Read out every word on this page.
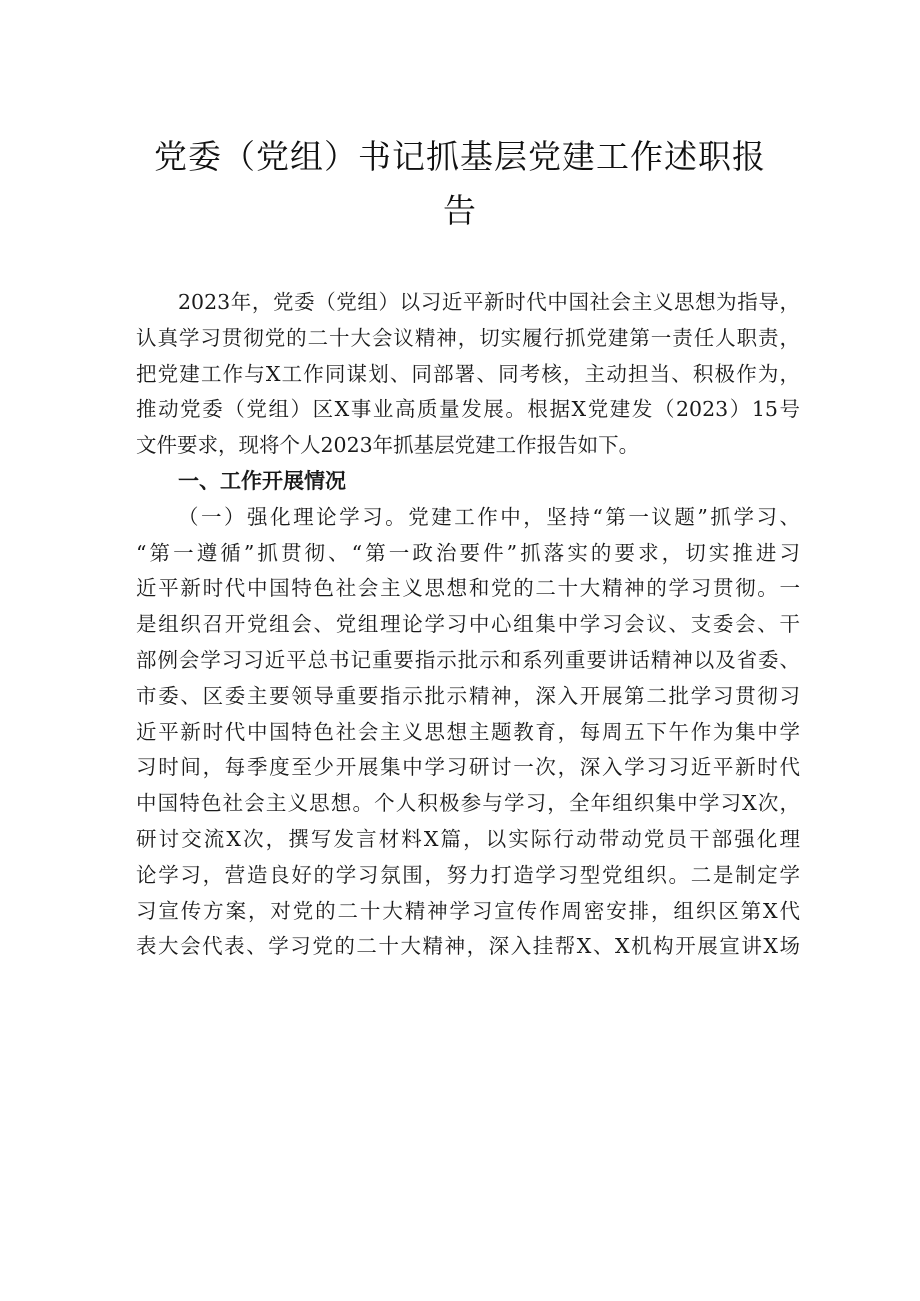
党委（党组）书记抓基层党建工作述职报
告
2023年，党委（党组）以习近平新时代中国社会主义思想为指导，
认真学习贯彻党的二十大会议精神，切实履行抓党建第一责任人职责，
把党建工作与X工作同谋划、同部署、同考核，主动担当、积极作为，
推动党委（党组）区X事业高质量发展。根据X党建发（2023）15号
文件要求，现将个人2023年抓基层党建工作报告如下。
一、工作开展情况
（一）强化理论学习。党建工作中，坚持“第一议题”抓学习、
“第一遵循”抓贯彻、“第一政治要件”抓落实的要求，切实推进习
近平新时代中国特色社会主义思想和党的二十大精神的学习贯彻。一
是组织召开党组会、党组理论学习中心组集中学习会议、支委会、干
部例会学习习近平总书记重要指示批示和系列重要讲话精神以及省委、
市委、区委主要领导重要指示批示精神，深入开展第二批学习贯彻习
近平新时代中国特色社会主义思想主题教育，每周五下午作为集中学
习时间，每季度至少开展集中学习研讨一次，深入学习习近平新时代
中国特色社会主义思想。个人积极参与学习，全年组织集中学习X次，
研讨交流X次，撰写发言材料X篇，以实际行动带动党员干部强化理
论学习，营造良好的学习氛围，努力打造学习型党组织。二是制定学
习宣传方案，对党的二十大精神学习宣传作周密安排，组织区第X代
表大会代表、学习党的二十大精神，深入挂帮X、X机构开展宣讲X场
